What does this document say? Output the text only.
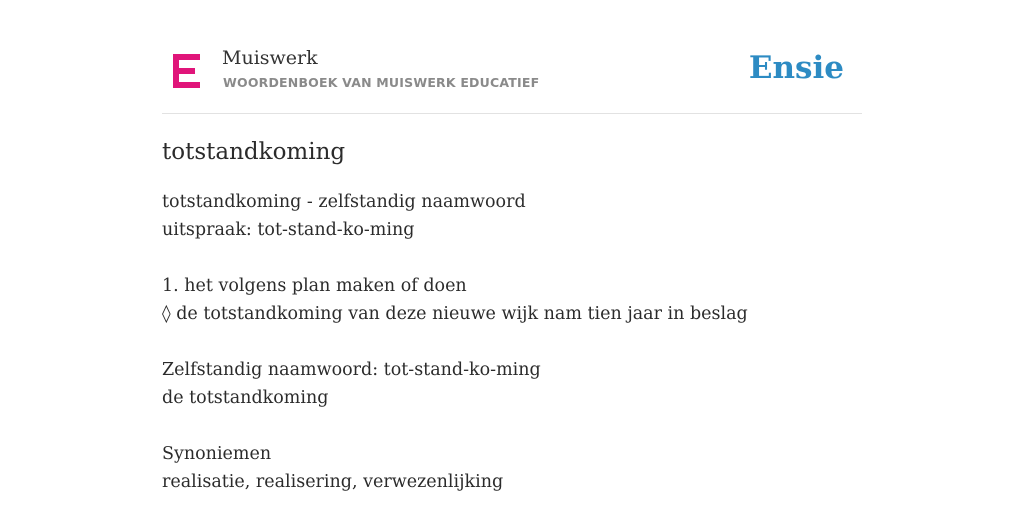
Muiswerk
WOORDENBOEK VAN MUISWERK EDUCATIEF	Ensie
totstandkoming
totstandkoming - zelfstandig naamwoord
uitspraak: tot-stand-ko-ming
1. het volgens plan maken of doen
◊ de totstandkoming van deze nieuwe wijk nam tien jaar in beslag
Zelfstandig naamwoord: tot-stand-ko-ming
de totstandkoming
Synoniemen
realisatie, realisering, verwezenlijking
